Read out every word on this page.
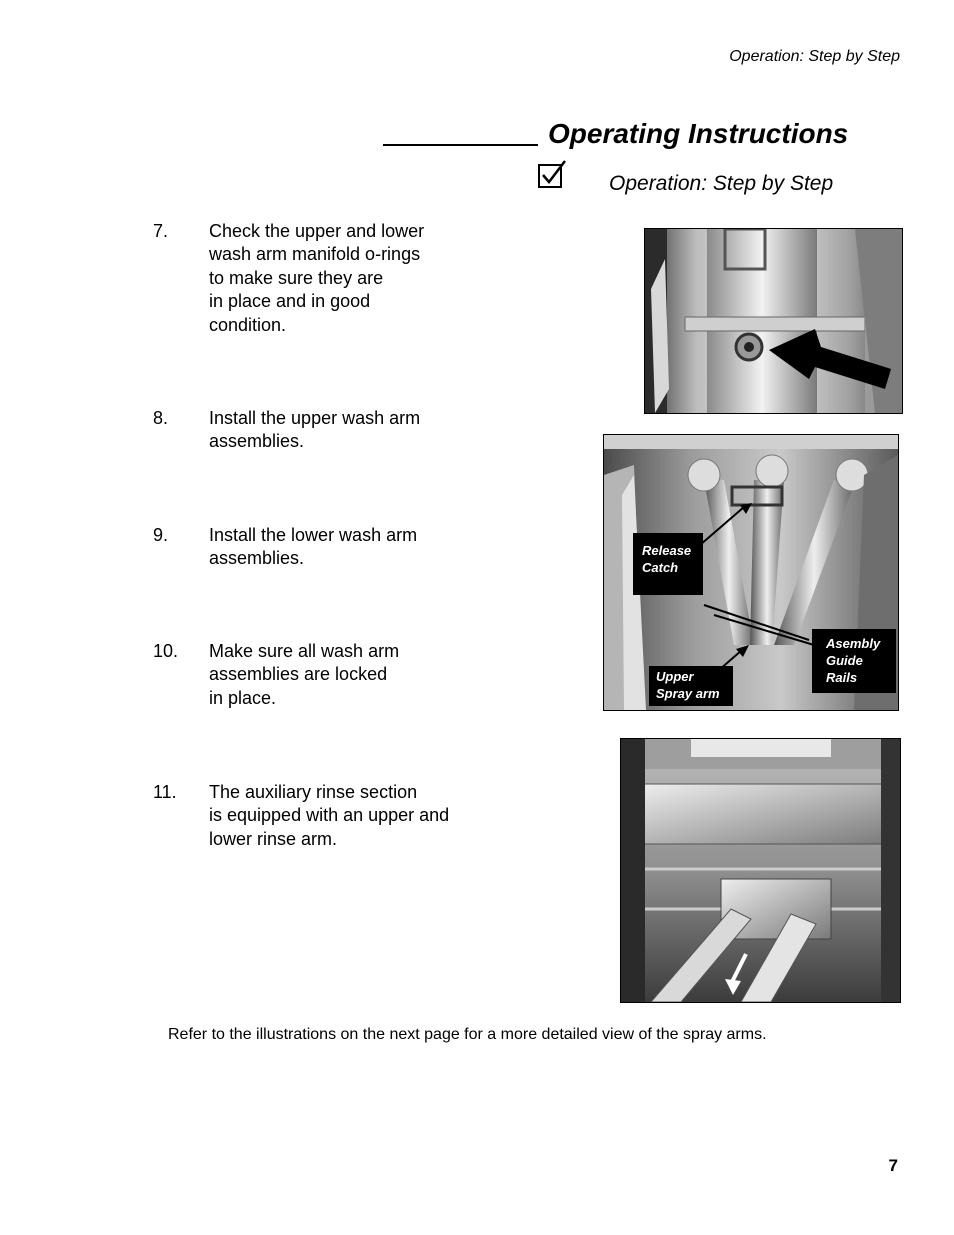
Operation: Step by Step
Operating Instructions
Operation: Step by Step
7. Check the upper and lower
wash arm manifold o-rings
to make sure they are
in place and in good
condition.
8. Install the upper wash arm
assemblies.
9. Install the lower wash arm
assemblies.
10. Make sure all wash arm
assemblies are locked
in place.
11. The auxiliary rinse section
is equipped with an upper and
lower rinse arm.
Release
Catch
Asembly
Guide
Rails
Upper
Spray arm
Refer to the illustrations on the next page for a more detailed view of the spray arms.
7
